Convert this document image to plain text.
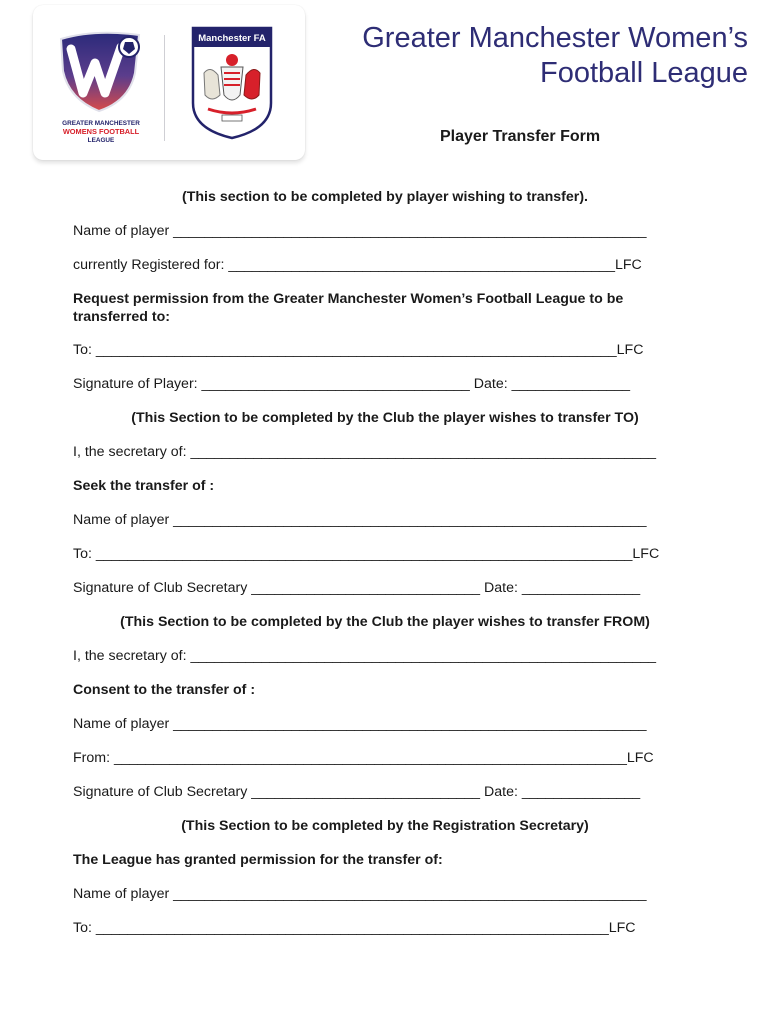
GREATER MANCHESTER
WOMENS FOOTBALL
LEAGUE
Manchester FA	Greater Manchester Women’s
Football League
Player Transfer Form
(This section to be completed by player wishing to transfer).
Name of player ____________________________________________________________
currently Registered for: _________________________________________________LFC
Request permission from the Greater Manchester Women’s Football League to be
transferred to:
To: __________________________________________________________________LFC
Signature of Player: __________________________________ Date: _______________
(This Section to be completed by the Club the player wishes to transfer TO)
I, the secretary of: ___________________________________________________________
Seek the transfer of :
Name of player ____________________________________________________________
To: ____________________________________________________________________LFC
Signature of Club Secretary _____________________________ Date: _______________
(This Section to be completed by the Club the player wishes to transfer FROM)
I, the secretary of: ___________________________________________________________
Consent to the transfer of :
Name of player ____________________________________________________________
From: _________________________________________________________________LFC
Signature of Club Secretary _____________________________ Date: _______________
(This Section to be completed by the Registration Secretary)
The League has granted permission for the transfer of:
Name of player ____________________________________________________________
To: _________________________________________________________________LFC
